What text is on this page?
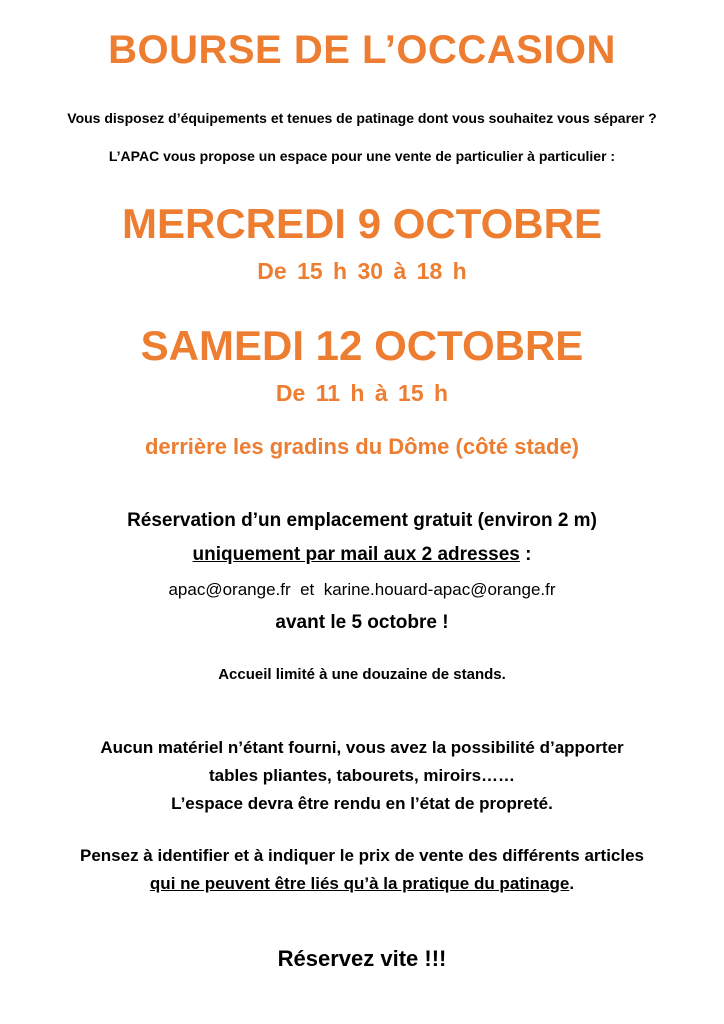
BOURSE DE L’OCCASION
Vous disposez d’équipements et tenues de patinage dont vous souhaitez vous séparer ?
L’APAC vous propose un espace pour une vente de particulier à particulier :
MERCREDI 9 OCTOBRE
De 15 h 30 à 18 h
SAMEDI 12 OCTOBRE
De 11 h à 15 h
derrière les gradins du Dôme (côté stade)
Réservation d’un emplacement gratuit (environ 2 m)
uniquement par mail aux 2 adresses :
apac@orange.fr  et  karine.houard-apac@orange.fr
avant le 5 octobre !
Accueil limité à une douzaine de stands.
Aucun matériel n’étant fourni, vous avez la possibilité d’apporter
tables pliantes, tabourets, miroirs……
L’espace devra être rendu en l’état de propreté.
Pensez à identifier et à indiquer le prix de vente des différents articles
qui ne peuvent être liés qu’à la pratique du patinage.
Réservez vite !!!
